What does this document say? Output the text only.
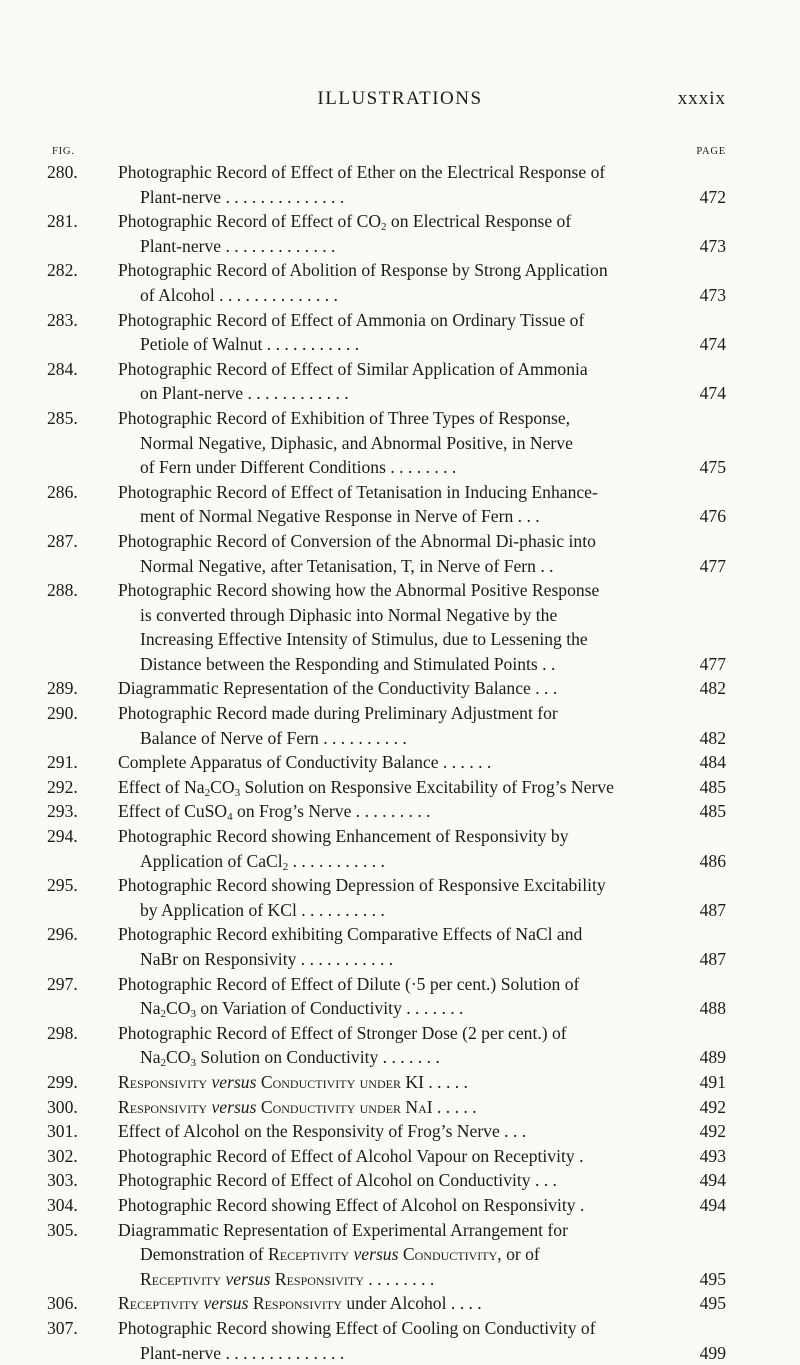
ILLUSTRATIONS	xxxix
FIG.	PAGE
280.	Photographic Record of Effect of Ether on the Electrical Response of
Plant-nerve . . . . . . . . . . . . . .	472
281.	Photographic Record of Effect of $CO_2$ on Electrical Response of
Plant-nerve . . . . . . . . . . . . .	473
282.	Photographic Record of Abolition of Response by Strong Application
of Alcohol . . . . . . . . . . . . . .	473
283.	Photographic Record of Effect of Ammonia on Ordinary Tissue of
Petiole of Walnut . . . . . . . . . . .	474
284.	Photographic Record of Effect of Similar Application of Ammonia
on Plant-nerve . . . . . . . . . . . .	474
285.	Photographic Record of Exhibition of Three Types of Response,
Normal Negative, Diphasic, and Abnormal Positive, in Nerve
of Fern under Different Conditions . . . . . . . .	475
286.	Photographic Record of Effect of Tetanisation in Inducing Enhance-
ment of Normal Negative Response in Nerve of Fern . . .	476
287.	Photographic Record of Conversion of the Abnormal Di-phasic into
Normal Negative, after Tetanisation, T, in Nerve of Fern . .	477
288.	Photographic Record showing how the Abnormal Positive Response
is converted through Diphasic into Normal Negative by the
Increasing Effective Intensity of Stimulus, due to Lessening the
Distance between the Responding and Stimulated Points . .	477
289.	Diagrammatic Representation of the Conductivity Balance . . .	482
290.	Photographic Record made during Preliminary Adjustment for
Balance of Nerve of Fern . . . . . . . . . .	482
291.	Complete Apparatus of Conductivity Balance . . . . . .	484
292.	Effect of $Na_2CO_3$ Solution on Responsive Excitability of Frog’s Nerve	485
293.	Effect of CuSO$_4$ on Frog’s Nerve . . . . . . . . .	485
294.	Photographic Record showing Enhancement of Responsivity by
Application of CaCl$_2$ . . . . . . . . . . .	486
295.	Photographic Record showing Depression of Responsive Excitability
by Application of KCl . . . . . . . . . .	487
296.	Photographic Record exhibiting Comparative Effects of NaCl and
NaBr on Responsivity . . . . . . . . . . .	487
297.	Photographic Record of Effect of Dilute (·5 per cent.) Solution of
$Na_2CO_3$ on Variation of Conductivity . . . . . . .	488
298.	Photographic Record of Effect of Stronger Dose (2 per cent.) of
$Na_2CO_3$ Solution on Conductivity . . . . . . .	489
299.	Responsivity versus Conductivity under KI . . . . .	491
300.	Responsivity versus Conductivity under NaI . . . . .	492
301.	Effect of Alcohol on the Responsivity of Frog’s Nerve . . .	492
302.	Photographic Record of Effect of Alcohol Vapour on Receptivity .	493
303.	Photographic Record of Effect of Alcohol on Conductivity . . .	494
304.	Photographic Record showing Effect of Alcohol on Responsivity .	494
305.	Diagrammatic Representation of Experimental Arrangement for
Demonstration of Receptivity versus Conductivity, or of
Receptivity versus Responsivity . . . . . . . .	495
306.	Receptivity versus Responsivity under Alcohol . . . .	495
307.	Photographic Record showing Effect of Cooling on Conductivity of
Plant-nerve . . . . . . . . . . . . . .	499
